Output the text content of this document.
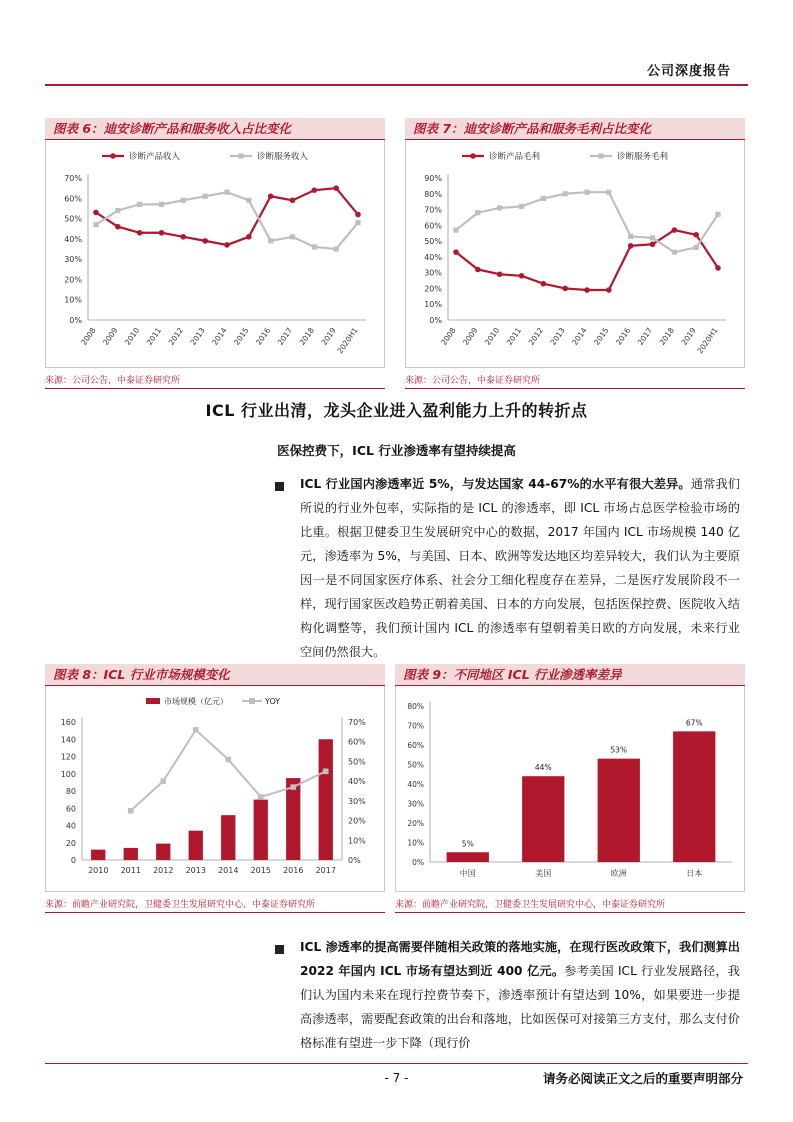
公司深度报告
图表 6：迪安诊断产品和服务收入占比变化
0%
10%
20%
30%
40%
50%
60%
70%
2008 2009 2010 2011 2012 2013 2014 2015 2016 2017 2018 2019
2020H1
诊断产品收入	诊断服务收入
来源：公司公告，中泰证券研究所
图表 7：迪安诊断产品和服务毛利占比变化
0%
10%
20%
30%
40%
50%
60%
70%
80%
90%
2008 2009 2010 2011 2012 2013 2014 2015 2016 2017 2018 2019
2020H1
诊断产品毛利	诊断服务毛利
来源：公司公告，中泰证券研究所
ICL 行业出清，龙头企业进入盈利能力上升的转折点
医保控费下，ICL 行业渗透率有望持续提高
ICL 行业国内渗透率近 5%，与发达国家 44-67%的水平有很大差异。通常我们所说的行业外包率，实际指的是 ICL 的渗透率，即 ICL 市场占总医学检验市场的比重。根据卫健委卫生发展研究中心的数据，2017 年国内 ICL 市场规模 140 亿元，渗透率为 5%，与美国、日本、欧洲等发达地区均差异较大，我们认为主要原因一是不同国家医疗体系、社会分工细化程度存在差异，二是医疗发展阶段不一样，现行国家医改趋势正朝着美国、日本的方向发展，包括医保控费、医院收入结构化调整等，我们预计国内 ICL 的渗透率有望朝着美日欧的方向发展，未来行业空间仍然很大。
图表 8：ICL 行业市场规模变化
0
20
40
60
80
100
120
140
160
0%
10%
20%
30%
40%
50%
60%
70%
2010 2011 2012 2013 2014 2015 2016 2017
市场规模（亿元）	YOY
来源：前瞻产业研究院，卫健委卫生发展研究中心，中泰证券研究所
图表 9：不同地区 ICL 行业渗透率差异
0%
10%
20%
30%
40%
50%
60%
70%
80%
5%
中国
44%
美国
53%
欧洲
67%
日本
来源：前瞻产业研究院，卫健委卫生发展研究中心，中泰证券研究所
ICL 渗透率的提高需要伴随相关政策的落地实施，在现行医改政策下，我们测算出 2022 年国内 ICL 市场有望达到近 400 亿元。参考美国 ICL 行业发展路径，我们认为国内未来在现行控费节奏下，渗透率预计有望达到 10%，如果要进一步提高渗透率，需要配套政策的出台和落地，比如医保可对接第三方支付，那么支付价格标准有望进一步下降（现行价
- 7 -	请务必阅读正文之后的重要声明部分
